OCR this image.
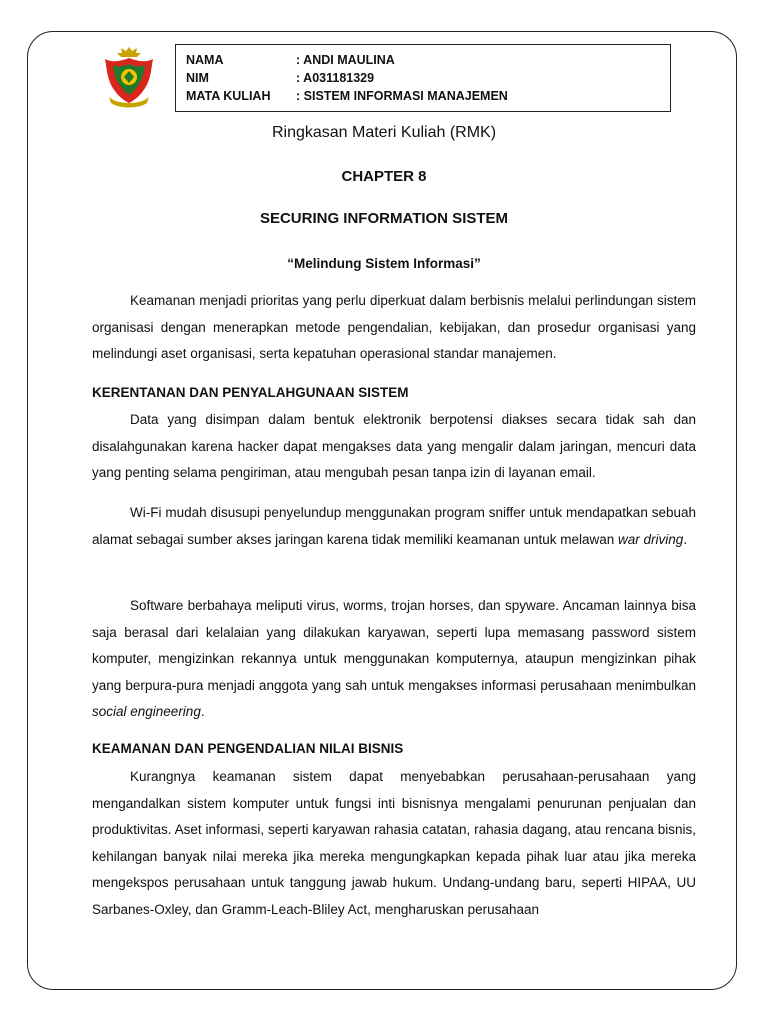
NAMA	: ANDI MAULINA
NIM	: A031181329
MATA KULIAH	: SISTEM INFORMASI MANAJEMEN
Ringkasan Materi Kuliah (RMK)
CHAPTER 8
SECURING INFORMATION SISTEM
“Melindung Sistem Informasi”

Keamanan menjadi prioritas yang perlu diperkuat dalam berbisnis melalui perlindungan sistem organisasi dengan menerapkan metode pengendalian, kebijakan, dan prosedur organisasi yang melindungi aset organisasi, serta kepatuhan operasional standar manajemen.

KERENTANAN DAN PENYALAHGUNAAN SISTEM

Data yang disimpan dalam bentuk elektronik berpotensi diakses secara tidak sah dan disalahgunakan karena hacker dapat mengakses data yang mengalir dalam jaringan, mencuri data yang penting selama pengiriman, atau mengubah pesan tanpa izin di layanan email.

Wi-Fi mudah disusupi penyelundup menggunakan program sniffer untuk mendapatkan sebuah alamat sebagai sumber akses jaringan karena tidak memiliki keamanan untuk melawan war driving.

Software berbahaya meliputi virus, worms, trojan horses, dan spyware. Ancaman lainnya bisa saja berasal dari kelalaian yang dilakukan karyawan, seperti lupa memasang password sistem komputer, mengizinkan rekannya untuk menggunakan komputernya, ataupun mengizinkan pihak yang berpura-pura menjadi anggota yang sah untuk mengakses informasi perusahaan menimbulkan social engineering.

KEAMANAN DAN PENGENDALIAN NILAI BISNIS

Kurangnya keamanan sistem dapat menyebabkan perusahaan-perusahaan yang mengandalkan sistem komputer untuk fungsi inti bisnisnya mengalami penurunan penjualan dan produktivitas. Aset informasi, seperti karyawan rahasia catatan, rahasia dagang, atau rencana bisnis, kehilangan banyak nilai mereka jika mereka mengungkapkan kepada pihak luar atau jika mereka mengekspos perusahaan untuk tanggung jawab hukum. Undang-undang baru, seperti HIPAA, UU Sarbanes-Oxley, dan Gramm-Leach-Bliley Act, mengharuskan perusahaan
